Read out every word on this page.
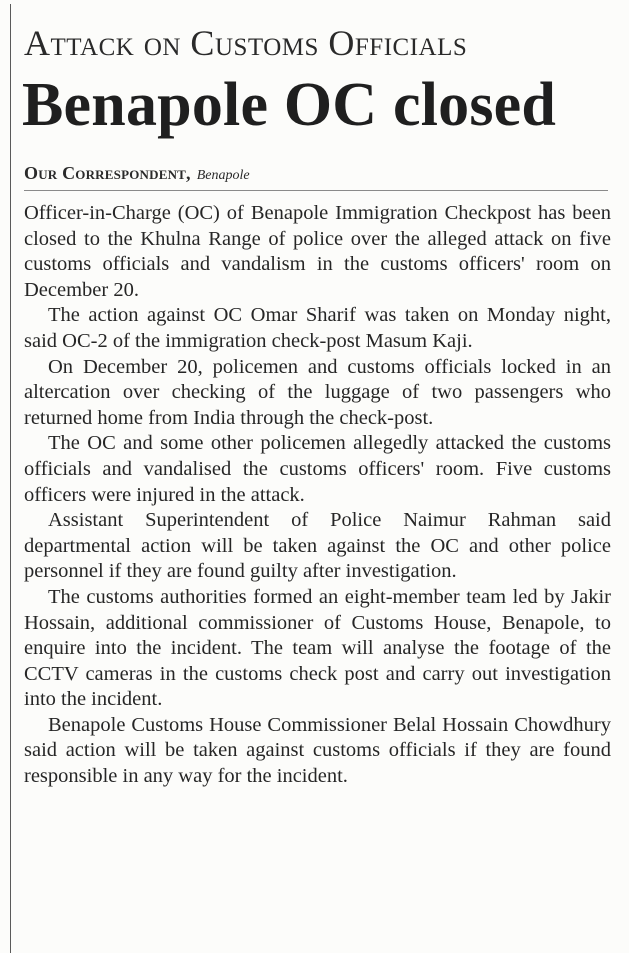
Attack on Customs Officials
Benapole OC closed
Our Correspondent, Benapole

Officer-in-Charge (OC) of Benapole Immigration Checkpost has been closed to the Khulna Range of police over the alleged attack on five customs officials and vandalism in the customs officers' room on December 20.

The action against OC Omar Sharif was taken on Monday night, said OC-2 of the immigration check-post Masum Kaji.

On December 20, policemen and customs officials locked in an altercation over checking of the luggage of two passengers who returned home from India through the check-post.

The OC and some other policemen allegedly attacked the customs officials and vandalised the customs officers' room. Five customs officers were injured in the attack.

Assistant Superintendent of Police Naimur Rahman said departmental action will be taken against the OC and other police personnel if they are found guilty after investigation.

The customs authorities formed an eight-member team led by Jakir Hossain, additional commissioner of Customs House, Benapole, to enquire into the incident. The team will analyse the footage of the CCTV cameras in the customs check post and carry out investigation into the incident.

Benapole Customs House Commissioner Belal Hossain Chowdhury said action will be taken against customs officials if they are found responsible in any way for the incident.
